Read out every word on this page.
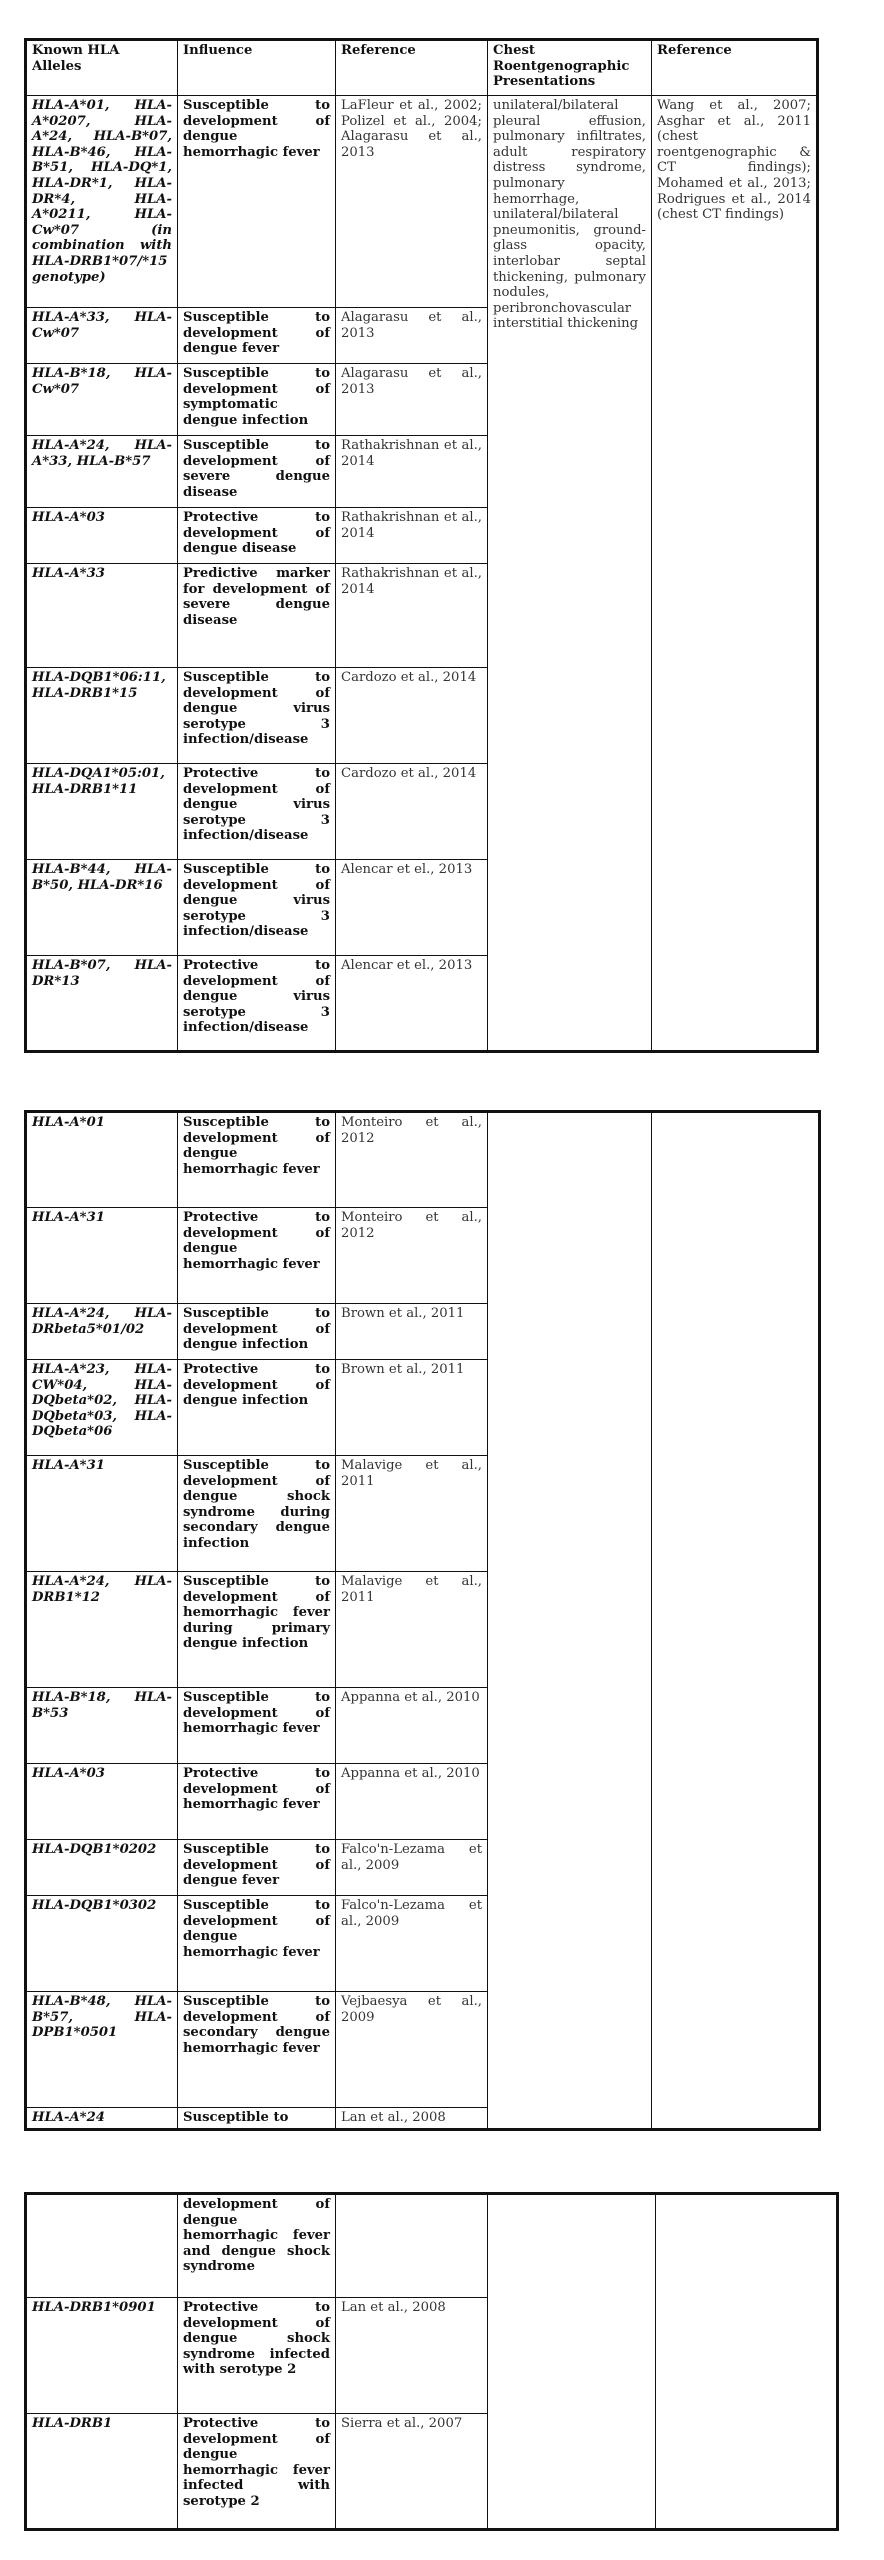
Known HLA Alleles	Influence	Reference	Chest Roentgenographic Presentations	Reference
HLA-A*01, HLA-A*0207, HLA-A*24, HLA-B*07, HLA-B*46, HLA-B*51, HLA-DQ*1, HLA-DR*1, HLA-DR*4, HLA-A*0211, HLA-Cw*07 (in combination with HLA-DRB1*07/*15 genotype)	Susceptible to development of dengue hemorrhagic fever	LaFleur et al., 2002; Polizel et al., 2004; Alagarasu et al., 2013	unilateral/bilateral pleural effusion, pulmonary infiltrates, adult respiratory distress syndrome, pulmonary hemorrhage, unilateral/bilateral pneumonitis, ground-glass opacity, interlobar septal thickening, pulmonary nodules, peribronchovascular interstitial thickening	Wang et al., 2007; Asghar et al., 2011 (chest roentgenographic & CT findings); Mohamed et al., 2013; Rodrigues et al., 2014 (chest CT findings)
HLA-A*33, HLA-Cw*07	Susceptible to development of dengue fever	Alagarasu et al., 2013		
HLA-B*18, HLA-Cw*07	Susceptible to development of symptomatic dengue infection	Alagarasu et al., 2013		
HLA-A*24, HLA-A*33, HLA-B*57	Susceptible to development of severe dengue disease	Rathakrishnan et al., 2014		
HLA-A*03	Protective to development of dengue disease	Rathakrishnan et al., 2014		
HLA-A*33	Predictive marker for development of severe dengue disease	Rathakrishnan et al., 2014		
HLA-DQB1*06:11, HLA-DRB1*15	Susceptible to development of dengue virus serotype 3 infection/disease	Cardozo et al., 2014		
HLA-DQA1*05:01, HLA-DRB1*11	Protective to development of dengue virus serotype 3 infection/disease	Cardozo et al., 2014		
HLA-B*44, HLA-B*50, HLA-DR*16	Susceptible to development of dengue virus serotype 3 infection/disease	Alencar et el., 2013		
HLA-B*07, HLA-DR*13	Protective to development of dengue virus serotype 3 infection/disease	Alencar et el., 2013		
HLA-A*01	Susceptible to development of dengue hemorrhagic fever	Monteiro et al., 2012		
HLA-A*31	Protective to development of dengue hemorrhagic fever	Monteiro et al., 2012		
HLA-A*24, HLA-DRbeta5*01/02	Susceptible to development of dengue infection	Brown et al., 2011		
HLA-A*23, HLA-CW*04, HLA-DQbeta*02, HLA-DQbeta*03, HLA-DQbeta*06	Protective to development of dengue infection	Brown et al., 2011		
HLA-A*31	Susceptible to development of dengue shock syndrome during secondary dengue infection	Malavige et al., 2011		
HLA-A*24, HLA-DRB1*12	Susceptible to development of hemorrhagic fever during primary dengue infection	Malavige et al., 2011		
HLA-B*18, HLA-B*53	Susceptible to development of hemorrhagic fever	Appanna et al., 2010		
HLA-A*03	Protective to development of hemorrhagic fever	Appanna et al., 2010		
HLA-DQB1*0202	Susceptible to development of dengue fever	Falco'n-Lezama et al., 2009		
HLA-DQB1*0302	Susceptible to development of dengue hemorrhagic fever	Falco'n-Lezama et al., 2009		
HLA-B*48, HLA-B*57, HLA-DPB1*0501	Susceptible to development of secondary dengue hemorrhagic fever	Vejbaesya et al., 2009		
HLA-A*24	Susceptible to	Lan et al., 2008		
	development of dengue hemorrhagic fever and dengue shock syndrome			
HLA-DRB1*0901	Protective to development of dengue shock syndrome infected with serotype 2	Lan et al., 2008		
HLA-DRB1	Protective to development of dengue hemorrhagic fever infected with serotype 2	Sierra et al., 2007		
